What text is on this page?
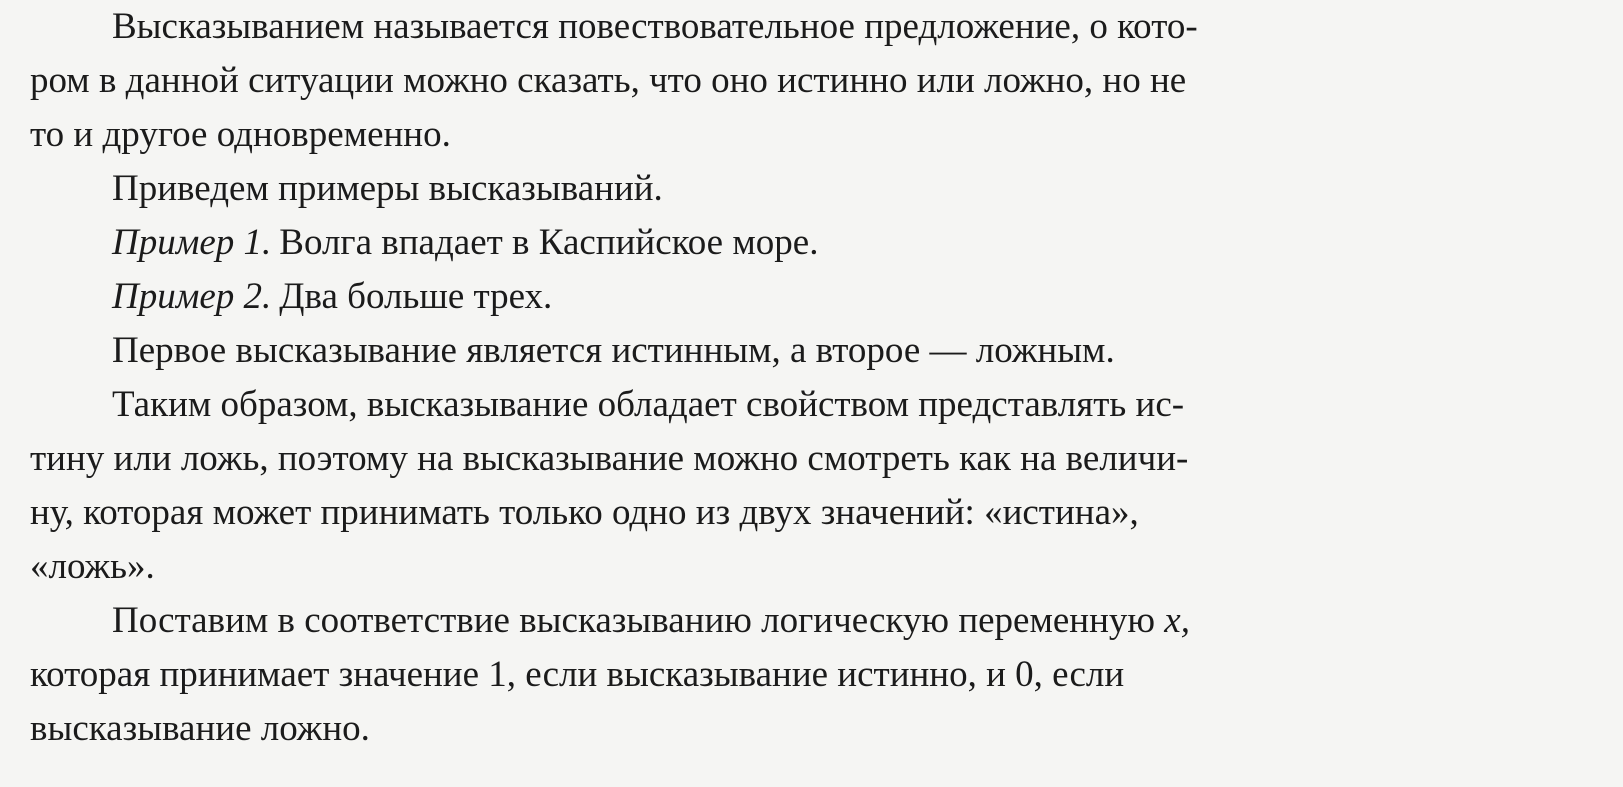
Высказыванием называется повествовательное предложение, о кото-
ром в данной ситуации можно сказать, что оно истинно или ложно, но не
то и другое одновременно.
Приведем примеры высказываний.
Пример 1. Волга впадает в Каспийское море.
Пример 2. Два больше трех.
Первое высказывание является истинным, а второе — ложным.
Таким образом, высказывание обладает свойством представлять ис-
тину или ложь, поэтому на высказывание можно смотреть как на величи-
ну, которая может принимать только одно из двух значений: «истина»,
«ложь».
Поставим в соответствие высказыванию логическую переменную
x,
которая принимает значение 1, если высказывание истинно, и 0, если
высказывание ложно.
